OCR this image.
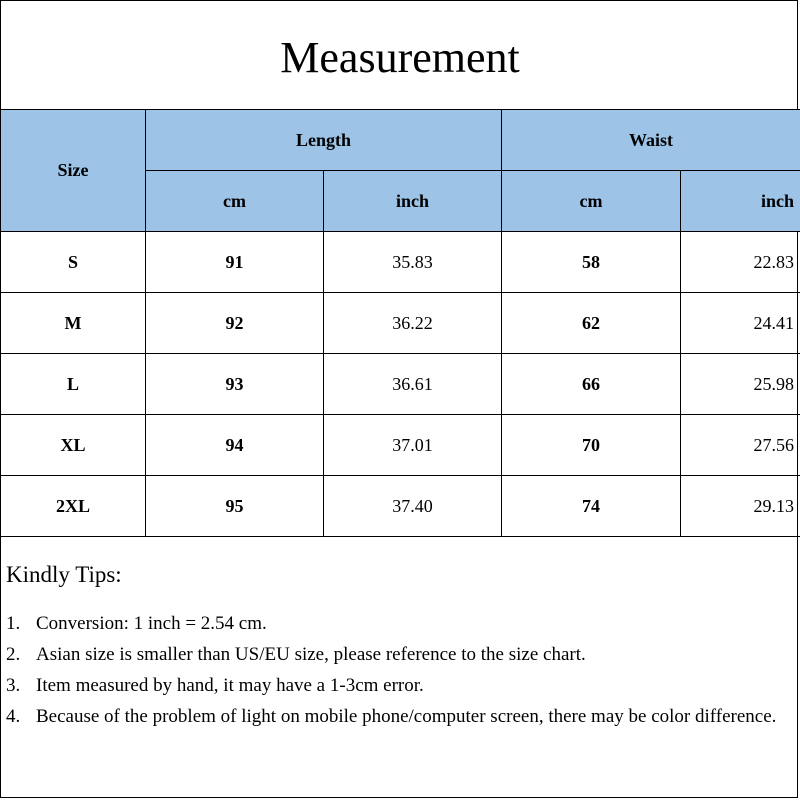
Measurement
Size	Length		Waist	
	cm	inch	cm	inch
S	91	35.83	58	22.83
M	92	36.22	62	24.41
L	93	36.61	66	25.98
XL	94	37.01	70	27.56
2XL	95	37.40	74	29.13
Kindly Tips:
1. Conversion: 1 inch = 2.54 cm.
2. Asian size is smaller than US/EU size, please reference to the size chart.
3. Item measured by hand, it may have a 1-3cm error.
4. Because of the problem of light on mobile phone/computer screen, there may be color difference.
